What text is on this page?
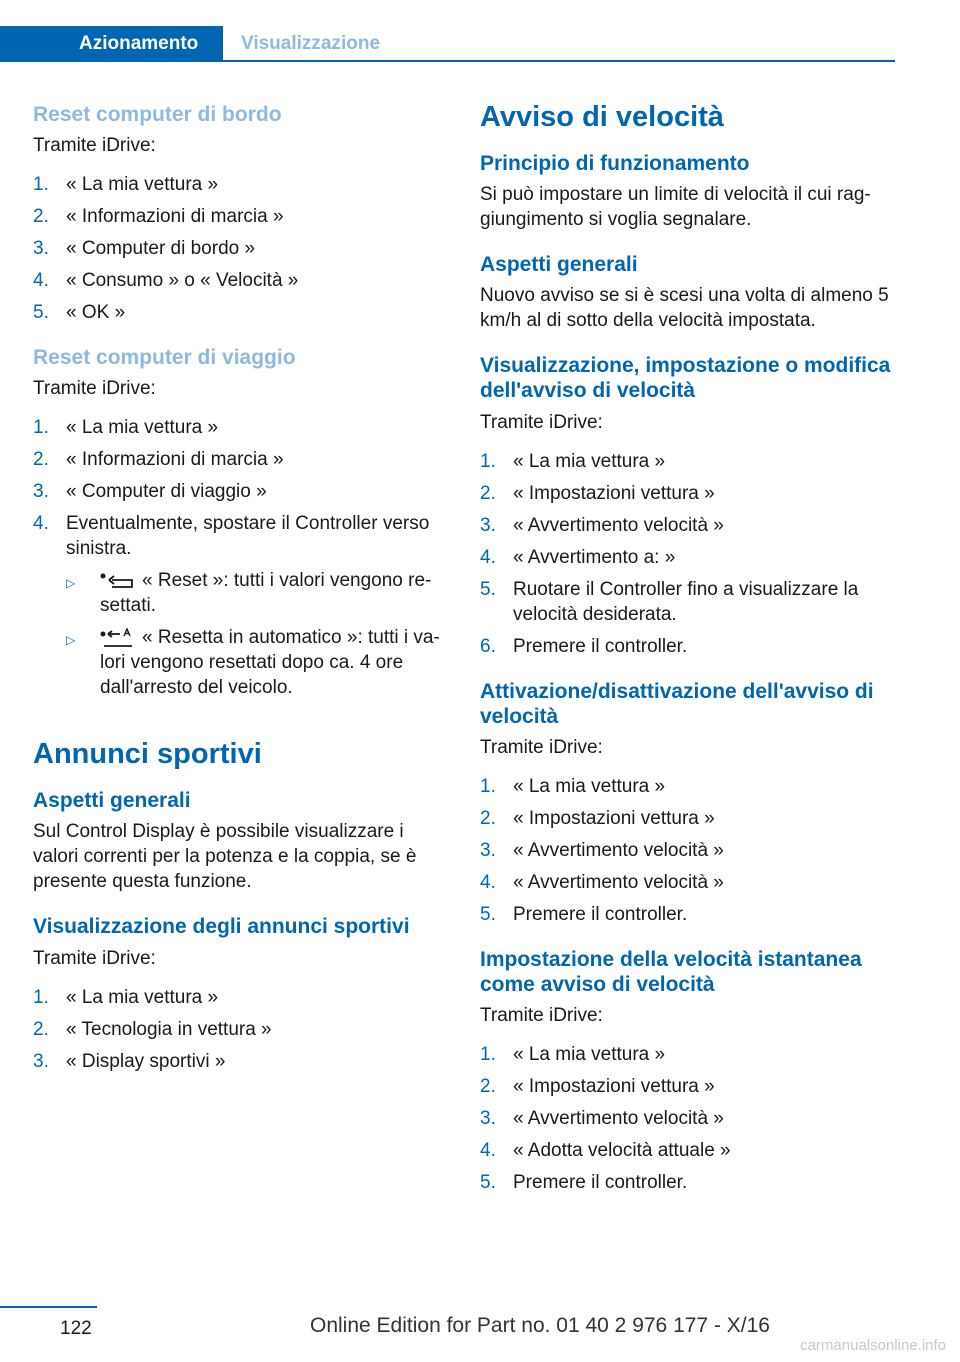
Azionamento	Visualizzazione
Reset computer di bordo

Tramite iDrive:

1. « La mia vettura »
2. « Informazioni di marcia »
3. « Computer di bordo »
4. « Consumo » o « Velocità »
5. « OK »
Reset computer di viaggio

Tramite iDrive:

1. « La mia vettura »
2. « Informazioni di marcia »
3. « Computer di viaggio »
4. Eventualmente, spostare il Controller verso sinistra.
▷	« Reset »: tutti i valori vengono resettati.
▷	« Resetta in automatico »: tutti i valori vengono resettati dopo ca. 4 ore dall'arresto del veicolo.
Annunci sportivi
Aspetti generali

Sul Control Display è possibile visualizzare i valori correnti per la potenza e la coppia, se è presente questa funzione.

Visualizzazione degli annunci sportivi

Tramite iDrive:

1. « La mia vettura »
2. « Tecnologia in vettura »
3. « Display sportivi »
Avviso di velocità
Principio di funzionamento

Si può impostare un limite di velocità il cui raggiungimento si voglia segnalare.

Aspetti generali

Nuovo avviso se si è scesi una volta di almeno 5 km/h al di sotto della velocità impostata.

Visualizzazione, impostazione o modifica dell'avviso di velocità

Tramite iDrive:

1. « La mia vettura »
2. « Impostazioni vettura »
3. « Avvertimento velocità »
4. « Avvertimento a: »
5. Ruotare il Controller fino a visualizzare la velocità desiderata.
6. Premere il controller.
Attivazione/disattivazione dell'avviso di velocità

Tramite iDrive:

1. « La mia vettura »
2. « Impostazioni vettura »
3. « Avvertimento velocità »
4. « Avvertimento velocità »
5. Premere il controller.
Impostazione della velocità istantanea come avviso di velocità

Tramite iDrive:

1. « La mia vettura »
2. « Impostazioni vettura »
3. « Avvertimento velocità »
4. « Adotta velocità attuale »
5. Premere il controller.
122	Online Edition for Part no. 01 40 2 976 177 - X/16
carmanualsonline.info
